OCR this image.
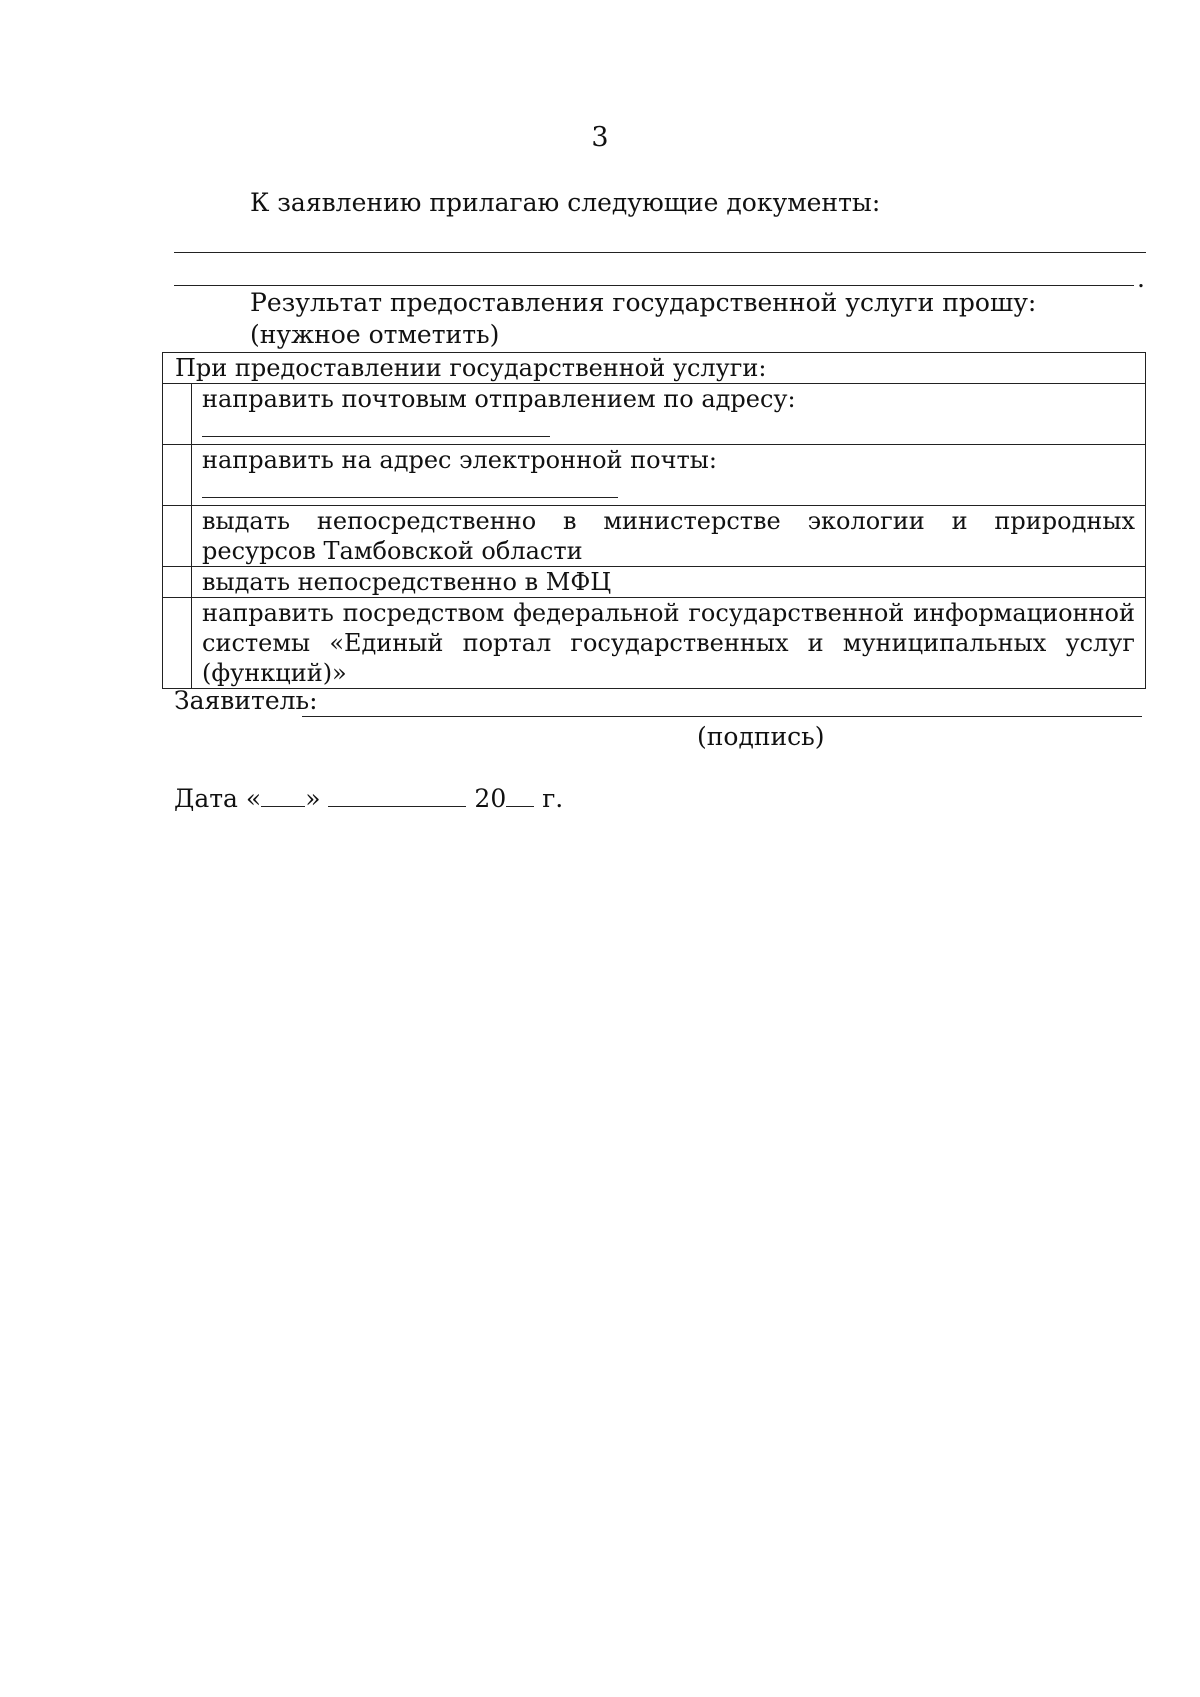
3
К заявлению прилагаю следующие документы:
.
Результат предоставления государственной услуги прошу:
(нужное отметить)
При предоставлении государственной услуги:	
	направить почтовым отправлением по адресу:
	направить на адрес электронной почты:
	выдать непосредственно в министерстве экологии и природных ресурсов Тамбовской области
	выдать непосредственно в МФЦ
	направить посредством федеральной государственной информационной системы «Единый портал государственных и муниципальных услуг (функций)»
Заявитель:
(подпись)
Дата « »	20 г.
